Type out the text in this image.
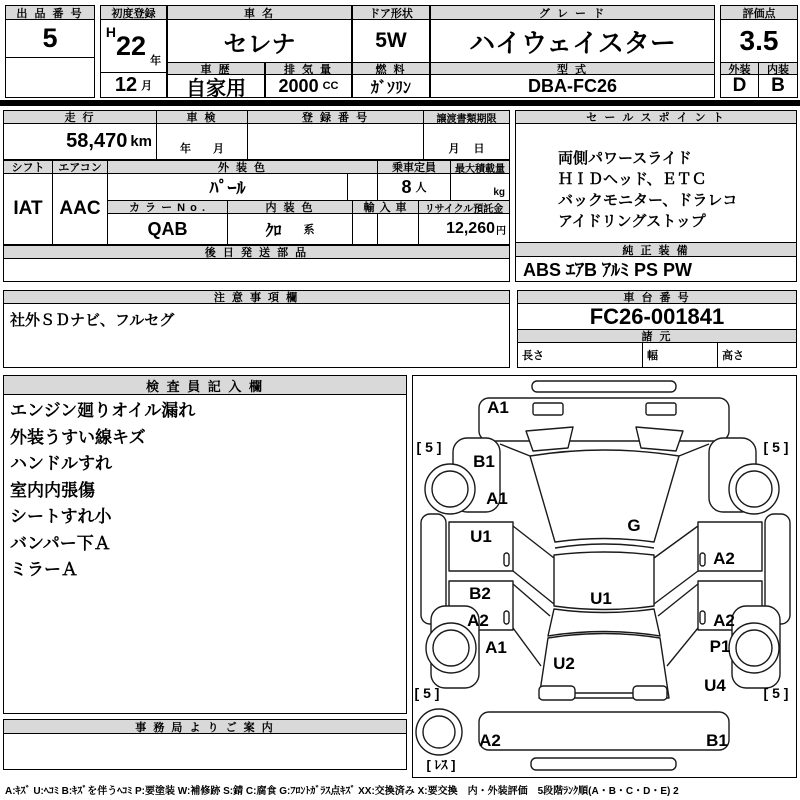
出 品 番 号
5
初度登録
H 22
年
12 月
車 名
セレナ
車 歴
自家用
排 気 量
2000 CC
ドア形状
5W
燃 料
ｶﾞｿﾘﾝ
グ レ ー ド
ハイウェイスター
型 式
DBA-FC26
評価点
3.5
外装	内装
D	B
走 行
58,470 km
車 検
年　　月
登 録 番 号	譲渡書類期限
月　 日
シフト	エアコン
IAT AAC
外 装 色
ﾊﾟｰﾙ
乗車定員
8 人
最大積載量
kg
カ ラ ー N o .
QAB
内 装 色
ｸﾛ 系
輸 入 車	リサイクル預託金
12,260 円
後 日 発 送 部 品
セ ー ル ス ポ イ ン ト
両側パワースライド
ＨＩＤヘッド、ＥＴＣ
バックモニター、ドラレコ
アイドリングストップ
純 正 装 備
ABS ｴｱB ｱﾙﾐ PS PW
注 意 事 項 欄
社外ＳＤナビ、フルセグ
車 台 番 号
FC26-001841
諸 元
長さ	幅	高さ
検 査 員 記 入 欄
エンジン廻りオイル漏れ
外装うすい線キズ
ハンドルすれ
室内内張傷
シートすれ小
バンパー下Ａ
ミラーＡ
事 務 局 よ り ご 案 内
A1
[ 5 ]	[ 5 ]
B1
A1
U1
G
A2
B2	U1
A2	A2
A1	P1
U2
U4
[ 5 ]	[ 5 ]
A2	B1
[ ﾚｽ ]
A:ｷｽﾞ U:ﾍｺﾐ B:ｷｽﾞを伴うﾍｺﾐ P:要塗装 W:補修跡 S:錆 C:腐食 G:ﾌﾛﾝﾄｶﾞﾗｽ点ｷｽﾞ XX:交換済み X:要交換　内・外装評価　5段階ﾗﾝｸ順(A・B・C・D・E) 2
